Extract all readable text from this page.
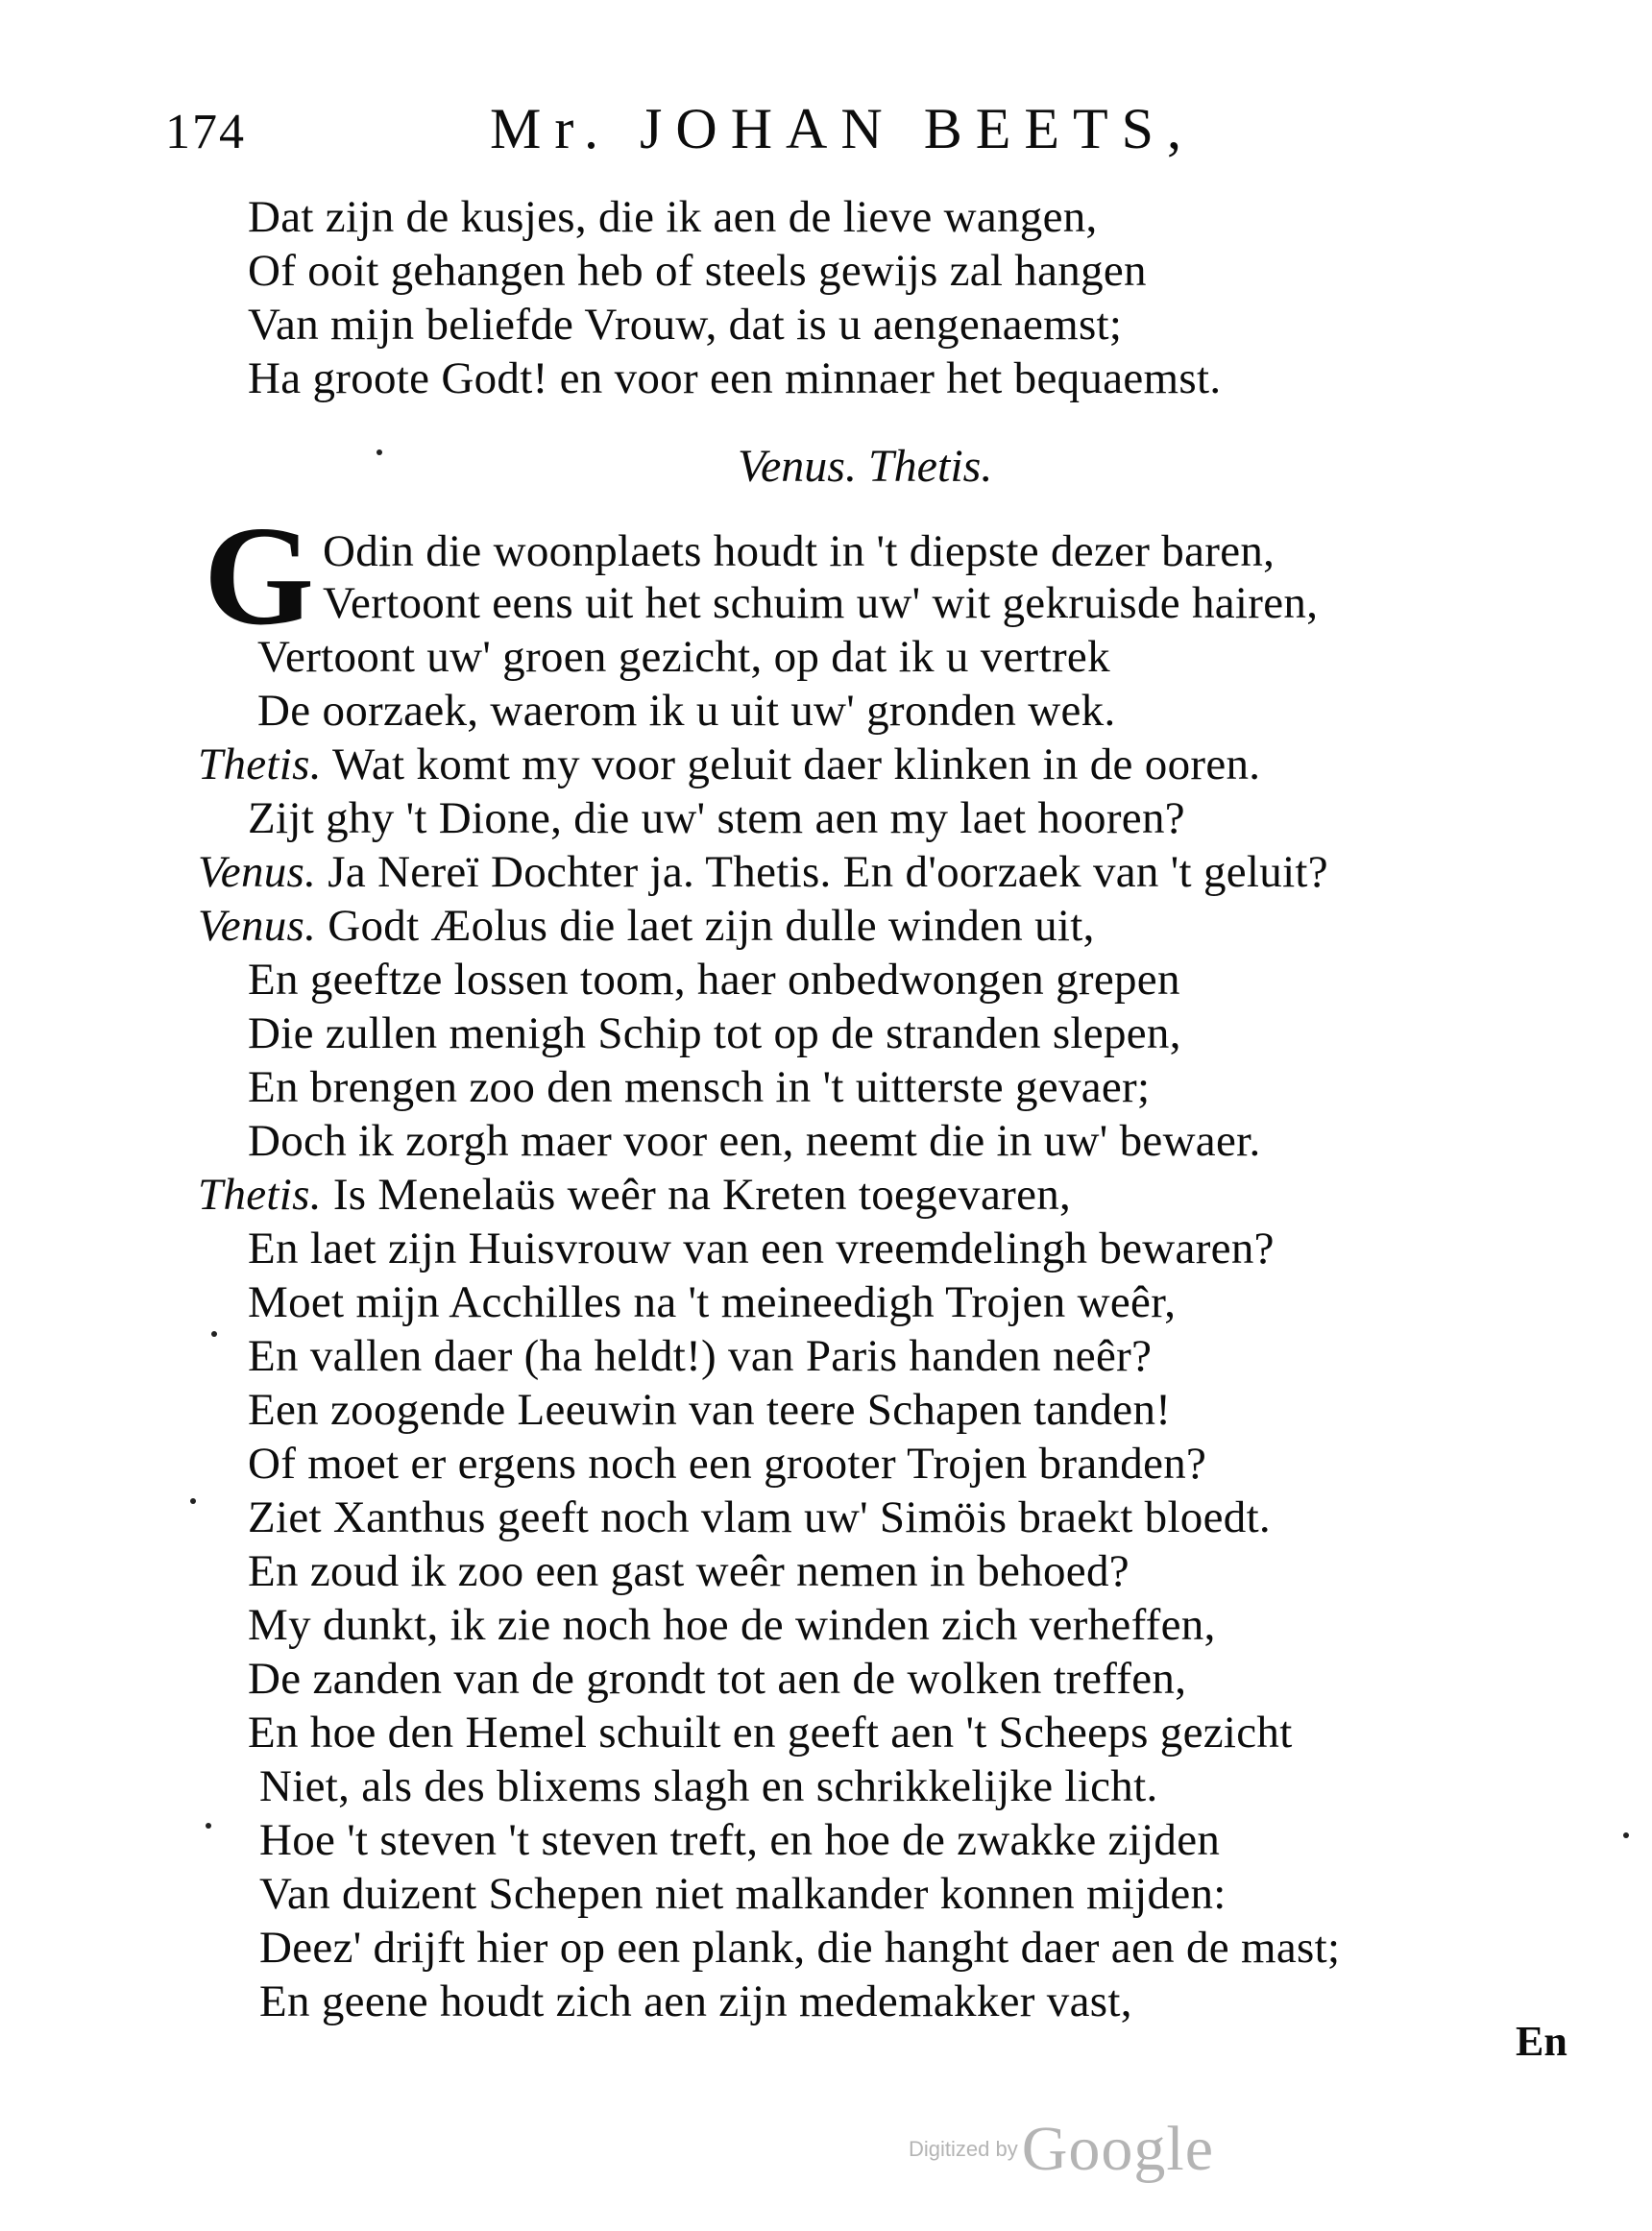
174	Mr. JOHAN BEETS,
Dat zijn de kusjes, die ik aen de lieve wangen,
Of ooit gehangen heb of steels gewijs zal hangen
Van mijn beliefde Vrouw, dat is u aengenaemst;
Ha groote Godt! en voor een minnaer het bequaemst.
Venus. Thetis.
G Odin die woonplaets houdt in 't diepste dezer baren,
Vertoont eens uit het schuim uw' wit gekruisde hairen,
Vertoont uw' groen gezicht, op dat ik u vertrek
De oorzaek, waerom ik u uit uw' gronden wek.
Thetis. Wat komt my voor geluit daer klinken in de ooren.
Zijt ghy 't Dione, die uw' stem aen my laet hooren?
Venus. Ja Nereï Dochter ja. Thetis. En d'oorzaek van 't geluit?
Venus. Godt Æolus die laet zijn dulle winden uit,
En geeftze lossen toom, haer onbedwongen grepen
Die zullen menigh Schip tot op de stranden slepen,
En brengen zoo den mensch in 't uitterste gevaer;
Doch ik zorgh maer voor een, neemt die in uw' bewaer.
Thetis. Is Menelaüs weêr na Kreten toegevaren,
En laet zijn Huisvrouw van een vreemdelingh bewaren?
Moet mijn Acchilles na 't meineedigh Trojen weêr,
En vallen daer (ha heldt!) van Paris handen neêr?
Een zoogende Leeuwin van teere Schapen tanden!
Of moet er ergens noch een grooter Trojen branden?
Ziet Xanthus geeft noch vlam uw' Simöis braekt bloedt.
En zoud ik zoo een gast weêr nemen in behoed?
My dunkt, ik zie noch hoe de winden zich verheffen,
De zanden van de grondt tot aen de wolken treffen,
En hoe den Hemel schuilt en geeft aen 't Scheeps gezicht
Niet, als des blixems slagh en schrikkelijke licht.
Hoe 't steven 't steven treft, en hoe de zwakke zijden
Van duizent Schepen niet malkander konnen mijden:
Deez' drijft hier op een plank, die hanght daer aen de mast;
En geene houdt zich aen zijn medemakker vast,
En
Digitized by Google
